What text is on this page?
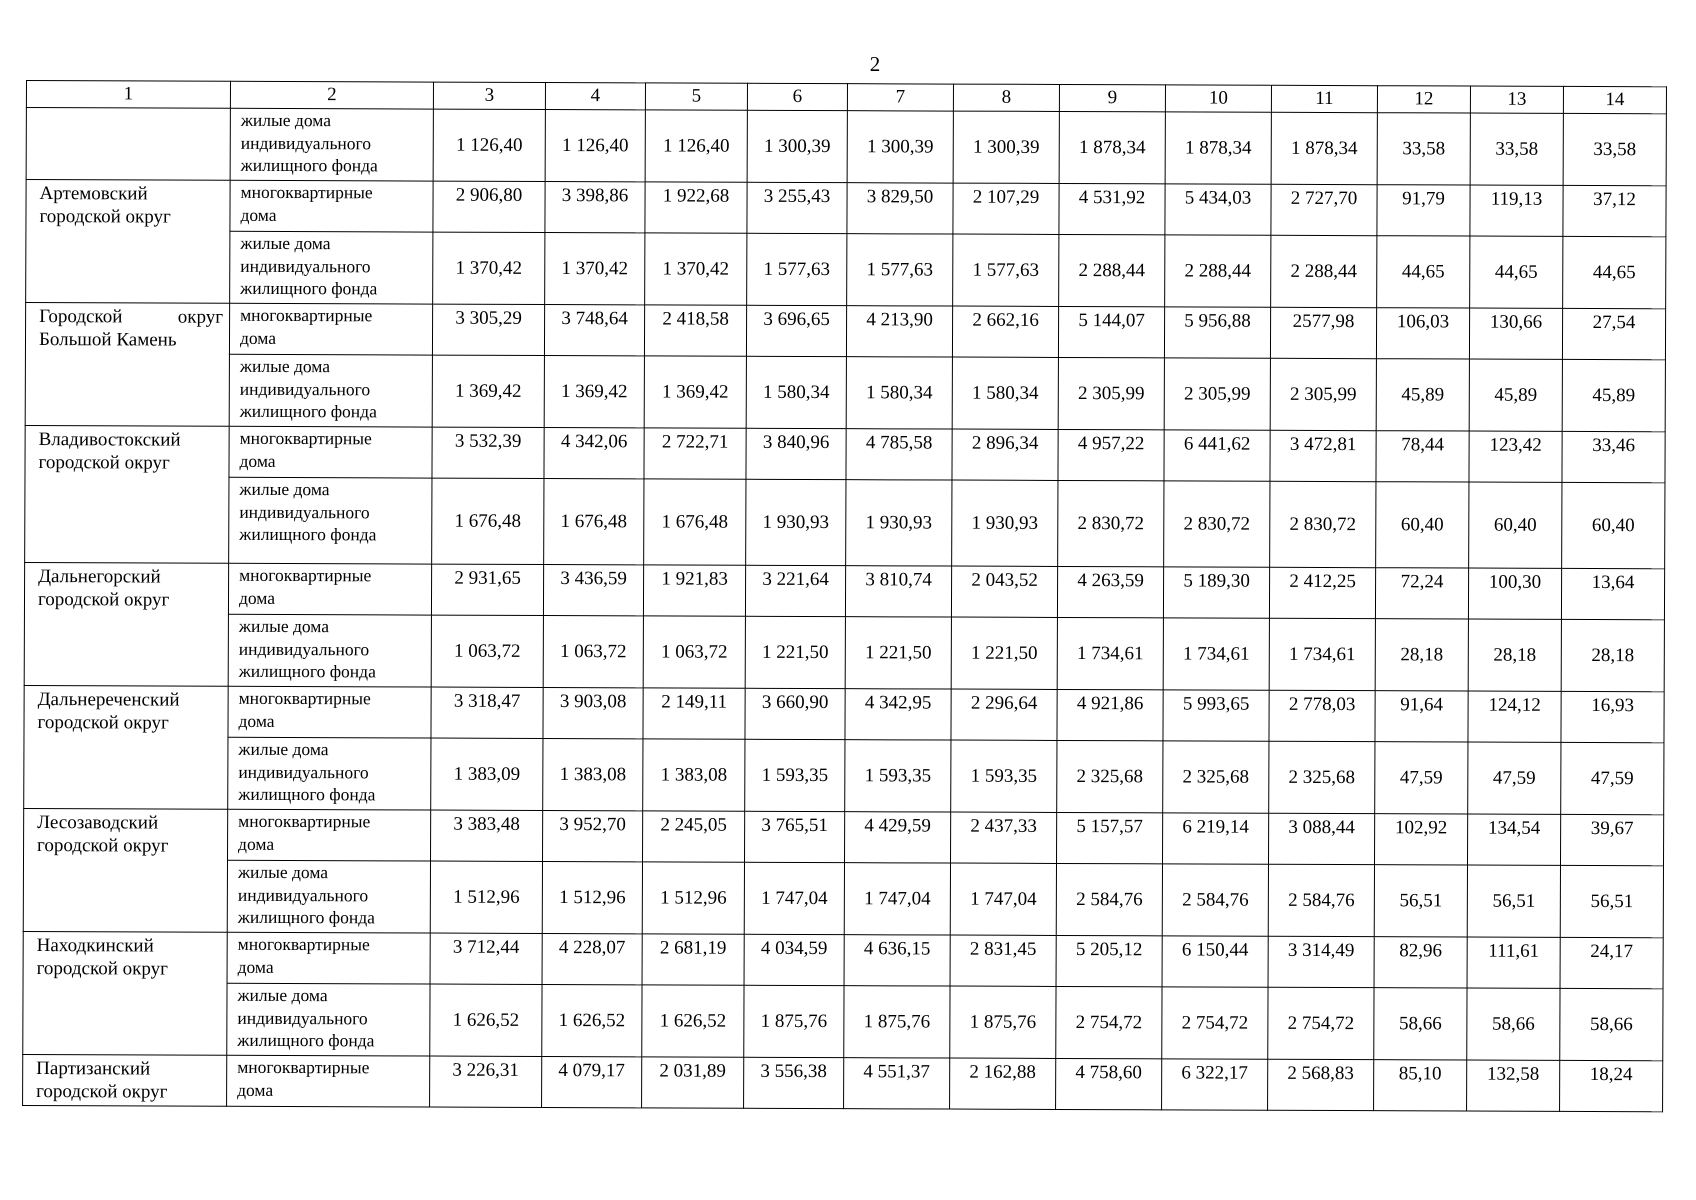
2
1	2	3	4	5	6	7	8	9	10	11	12	13	14

	жилые дома
индивидуального
жилищного фонда	1 126,40	1 126,40	1 126,40	1 300,39	1 300,39	1 300,39	1 878,34	1 878,34	1 878,34	33,58	33,58	33,58
Артемовский городской округ	многоквартирные
дома	2 906,80	3 398,86	1 922,68	3 255,43	3 829,50	2 107,29	4 531,92	5 434,03	2 727,70	91,79	119,13	37,12

	жилые дома
индивидуального
жилищного фонда	1 370,42	1 370,42	1 370,42	1 577,63	1 577,63	1 577,63	2 288,44	2 288,44	2 288,44	44,65	44,65	44,65
Городской округ Большой Камень	многоквартирные
дома	3 305,29	3 748,64	2 418,58	3 696,65	4 213,90	2 662,16	5 144,07	5 956,88	2577,98	106,03	130,66	27,54

	жилые дома
индивидуального
жилищного фонда	1 369,42	1 369,42	1 369,42	1 580,34	1 580,34	1 580,34	2 305,99	2 305,99	2 305,99	45,89	45,89	45,89
Владивостокский городской округ	многоквартирные
дома	3 532,39	4 342,06	2 722,71	3 840,96	4 785,58	2 896,34	4 957,22	6 441,62	3 472,81	78,44	123,42	33,46

	жилые дома
индивидуального
жилищного фонда	1 676,48	1 676,48	1 676,48	1 930,93	1 930,93	1 930,93	2 830,72	2 830,72	2 830,72	60,40	60,40	60,40
Дальнегорский городской округ	многоквартирные
дома	2 931,65	3 436,59	1 921,83	3 221,64	3 810,74	2 043,52	4 263,59	5 189,30	2 412,25	72,24	100,30	13,64

	жилые дома
индивидуального
жилищного фонда	1 063,72	1 063,72	1 063,72	1 221,50	1 221,50	1 221,50	1 734,61	1 734,61	1 734,61	28,18	28,18	28,18
Дальнереченский городской округ	многоквартирные
дома	3 318,47	3 903,08	2 149,11	3 660,90	4 342,95	2 296,64	4 921,86	5 993,65	2 778,03	91,64	124,12	16,93

	жилые дома
индивидуального
жилищного фонда	1 383,09	1 383,08	1 383,08	1 593,35	1 593,35	1 593,35	2 325,68	2 325,68	2 325,68	47,59	47,59	47,59
Лесозаводский городской округ	многоквартирные
дома	3 383,48	3 952,70	2 245,05	3 765,51	4 429,59	2 437,33	5 157,57	6 219,14	3 088,44	102,92	134,54	39,67

	жилые дома
индивидуального
жилищного фонда	1 512,96	1 512,96	1 512,96	1 747,04	1 747,04	1 747,04	2 584,76	2 584,76	2 584,76	56,51	56,51	56,51
Находкинский городской округ	многоквартирные
дома	3 712,44	4 228,07	2 681,19	4 034,59	4 636,15	2 831,45	5 205,12	6 150,44	3 314,49	82,96	111,61	24,17

	жилые дома
индивидуального
жилищного фонда	1 626,52	1 626,52	1 626,52	1 875,76	1 875,76	1 875,76	2 754,72	2 754,72	2 754,72	58,66	58,66	58,66
Партизанский городской округ	многоквартирные
дома	3 226,31	4 079,17	2 031,89	3 556,38	4 551,37	2 162,88	4 758,60	6 322,17	2 568,83	85,10	132,58	18,24
